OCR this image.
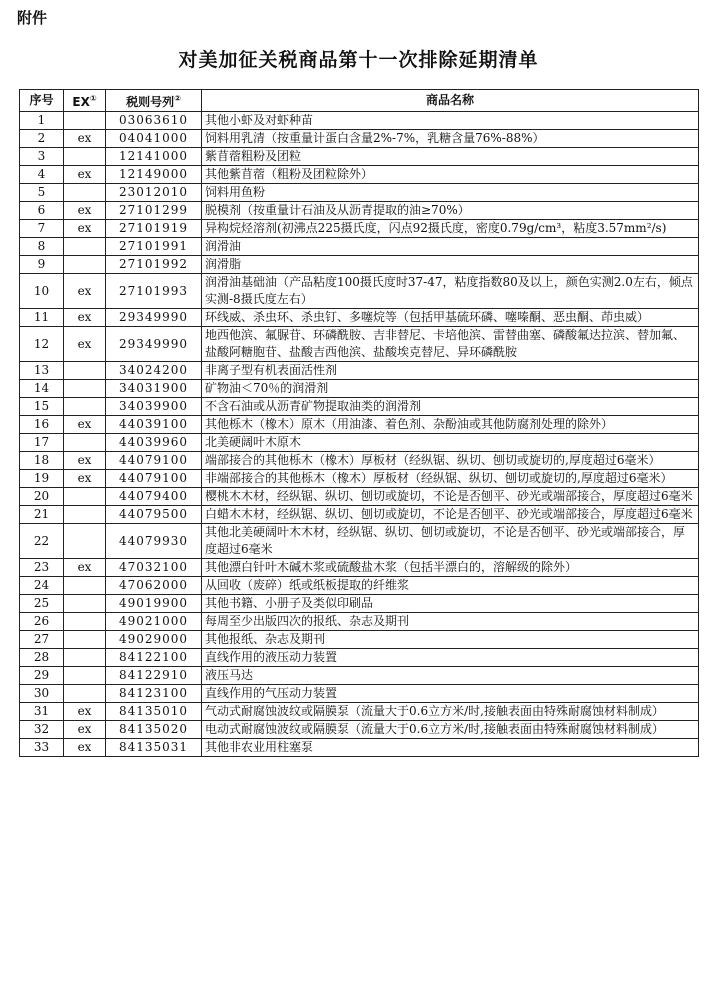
附件
对美加征关税商品第十一次排除延期清单
序号	EX①	税则号列②	商品名称
1		03063610	其他小虾及对虾种苗
2	ex	04041000	饲料用乳清（按重量计蛋白含量2%-7%，乳糖含量76%-88%）
3		12141000	紫苜蓿粗粉及团粒
4	ex	12149000	其他紫苜蓿（粗粉及团粒除外）
5		23012010	饲料用鱼粉
6	ex	27101299	脱模剂（按重量计石油及从沥青提取的油≥70%）
7	ex	27101919	异构烷烃溶剂(初沸点225摄氏度，闪点92摄氏度，密度0.79g/cm³，粘度3.57mm²/s)
8		27101991	润滑油
9		27101992	润滑脂
10	ex	27101993	润滑油基础油（产品粘度100摄氏度时37-47，粘度指数80及以上，颜色实测2.0左右，倾点实测-8摄氏度左右）
11	ex	29349990	环线威、杀虫环、杀虫钉、多噻烷等（包括甲基硫环磷、噻嗪酮、恶虫酮、茚虫威）
12	ex	29349990	地西他滨、氟脲苷、环磷酰胺、吉非替尼、卡培他滨、雷替曲塞、磷酸氟达拉滨、替加氟、盐酸阿糖胞苷、盐酸吉西他滨、盐酸埃克替尼、异环磷酰胺
13		34024200	非离子型有机表面活性剂
14		34031900	矿物油＜70％的润滑剂
15		34039900	不含石油或从沥青矿物提取油类的润滑剂
16	ex	44039100	其他栎木（橡木）原木（用油漆、着色剂、杂酚油或其他防腐剂处理的除外）
17		44039960	北美硬阔叶木原木
18	ex	44079100	端部接合的其他栎木（橡木）厚板材（经纵锯、纵切、刨切或旋切的,厚度超过6毫米）
19	ex	44079100	非端部接合的其他栎木（橡木）厚板材（经纵锯、纵切、刨切或旋切的,厚度超过6毫米）
20		44079400	樱桃木木材，经纵锯、纵切、刨切或旋切，不论是否刨平、砂光或端部接合，厚度超过6毫米
21		44079500	白蜡木木材，经纵锯、纵切、刨切或旋切，不论是否刨平、砂光或端部接合，厚度超过6毫米
22		44079930	其他北美硬阔叶木木材，经纵锯、纵切、刨切或旋切，不论是否刨平、砂光或端部接合，厚度超过6毫米
23	ex	47032100	其他漂白针叶木碱木浆或硫酸盐木浆（包括半漂白的，溶解级的除外）
24		47062000	从回收（废碎）纸或纸板提取的纤维浆
25		49019900	其他书籍、小册子及类似印刷品
26		49021000	每周至少出版四次的报纸、杂志及期刊
27		49029000	其他报纸、杂志及期刊
28		84122100	直线作用的液压动力装置
29		84122910	液压马达
30		84123100	直线作用的气压动力装置
31	ex	84135010	气动式耐腐蚀波纹或隔膜泵（流量大于0.6立方米/时,接触表面由特殊耐腐蚀材料制成）
32	ex	84135020	电动式耐腐蚀波纹或隔膜泵（流量大于0.6立方米/时,接触表面由特殊耐腐蚀材料制成）
33	ex	84135031	其他非农业用柱塞泵
